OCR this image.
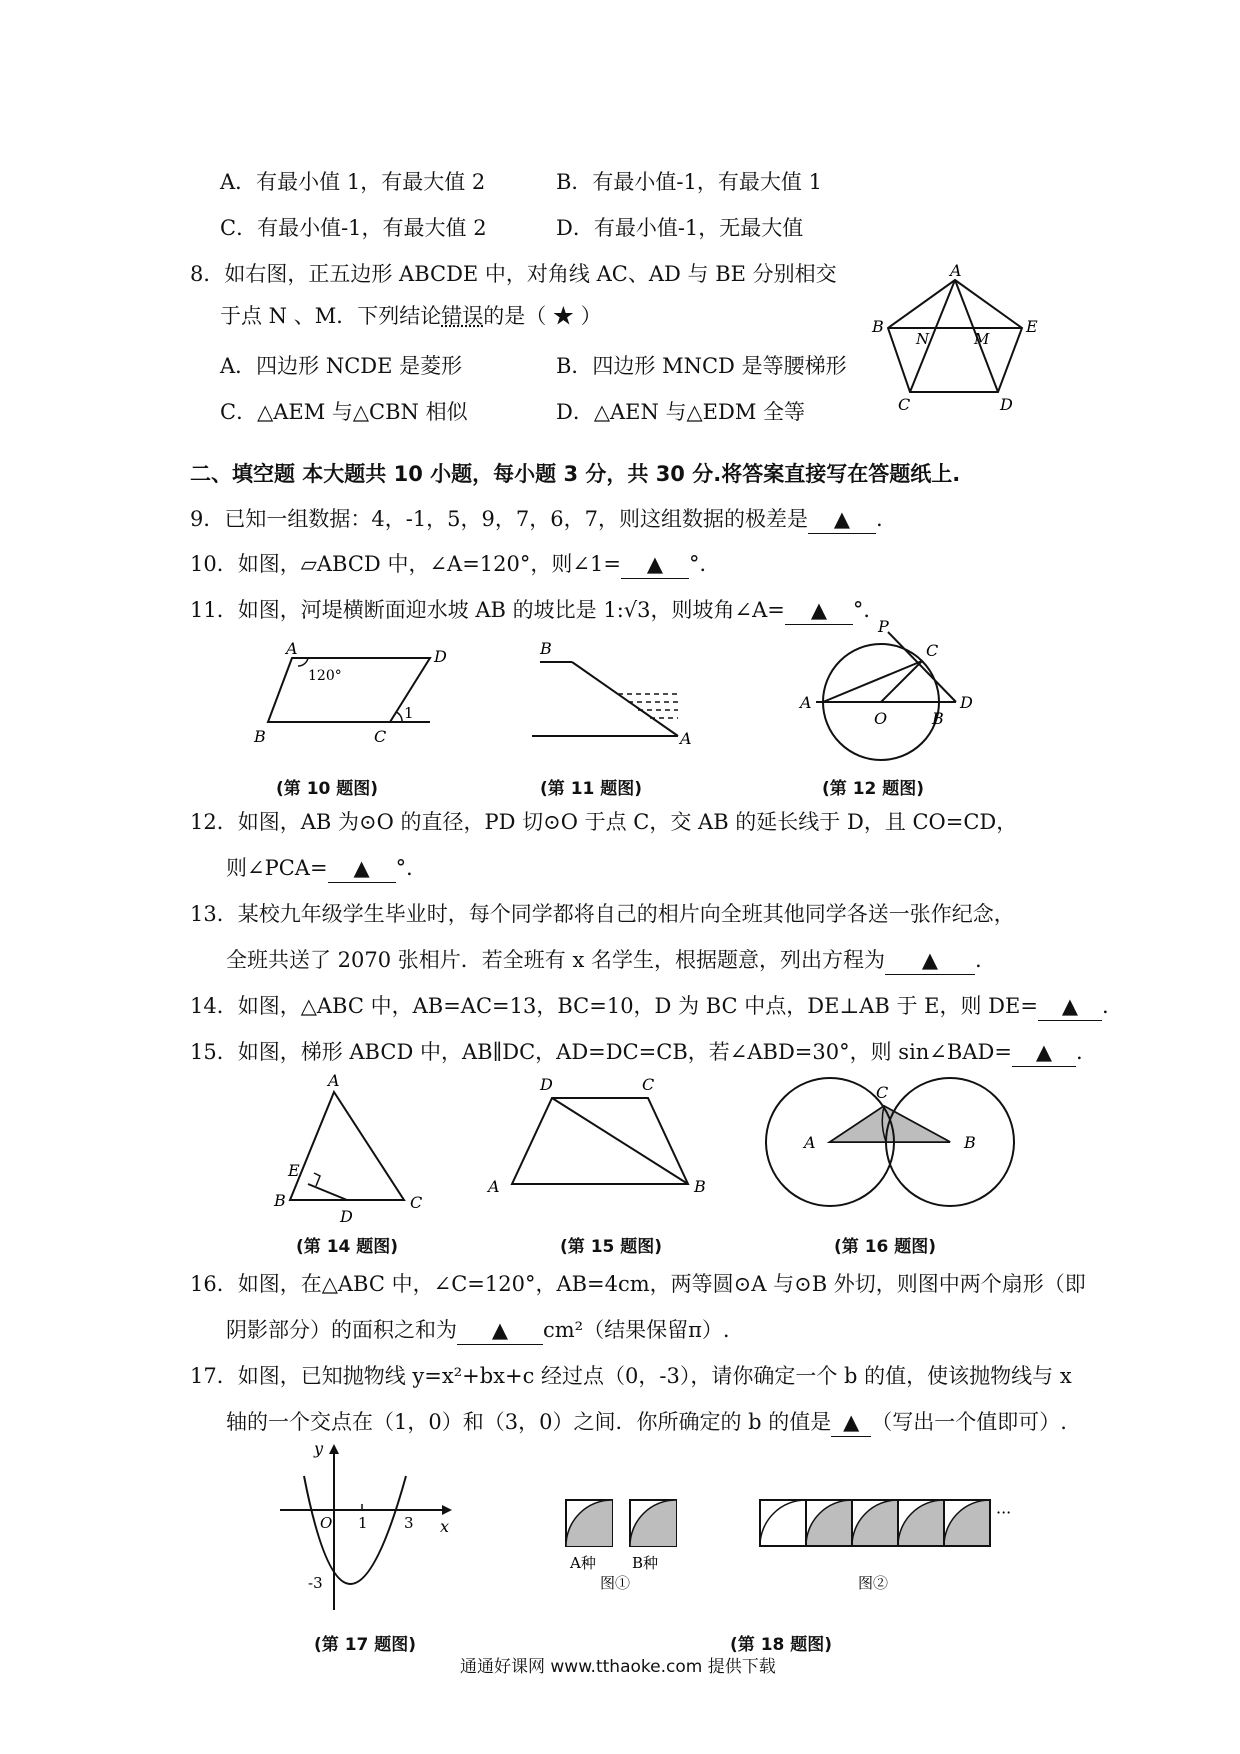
A．有最小值 1，有最大值 2	B．有最小值-1，有最大值 1
C．有最小值-1，有最大值 2	D．有最小值-1，无最大值
8．如右图，正五边形 ABCDE 中，对角线 AC、AD 与 BE 分别相交
于点 N 、M．下列结论错误的是（ ★ ）
A．四边形 NCDE 是菱形	B．四边形 MNCD 是等腰梯形
C．△AEM 与△CBN 相似	D．△AEN 与△EDM 全等
A
B	E
C	D
N	M
二、填空题 本大题共 10 小题，每小题 3 分，共 30 分.将答案直接写在答题纸上.
9．已知一组数据：4，-1，5，9，7，6，7，则这组数据的极差是 ▲ .
10．如图，▱ABCD 中，∠A=120°，则∠1= ▲ °．
11．如图，河堤横断面迎水坡 AB 的坡比是 1:√3，则坡角∠A= ▲ °．
A	D
B	C
120°
1
(第 10 题图)
B
A
(第 11 题图)
P
C
A
O	B
D
(第 12 题图)
12．如图，AB 为⊙O 的直径，PD 切⊙O 于点 C，交 AB 的延长线于 D，且 CO=CD，
则∠PCA= ▲ °．
13．某校九年级学生毕业时，每个同学都将自己的相片向全班其他同学各送一张作纪念，
全班共送了 2070 张相片．若全班有 x 名学生，根据题意，列出方程为 ▲ .
14．如图，△ABC 中，AB=AC=13，BC=10，D 为 BC 中点，DE⊥AB 于 E，则 DE= ▲ .
15．如图，梯形 ABCD 中，AB∥DC，AD=DC=CB，若∠ABD=30°，则 sin∠BAD= ▲ .
A
E
B
D
C
(第 14 题图)
D	C
A	B
(第 15 题图)
A	B
C
(第 16 题图)
16．如图，在△ABC 中，∠C=120°，AB=4cm，两等圆⊙A 与⊙B 外切，则图中两个扇形（即
阴影部分）的面积之和为 ▲ cm²（结果保留π）.
17．如图，已知抛物线 y=x²+bx+c 经过点（0，-3），请你确定一个 b 的值，使该抛物线与 x
轴的一个交点在（1，0）和（3，0）之间．你所确定的 b 的值是 ▲ （写出一个值即可）.
y
x
O 1 3
-3
(第 17 题图)
···
A种 B种
图①	图②
(第 18 题图)
通通好课网 www.tthaoke.com 提供下载
